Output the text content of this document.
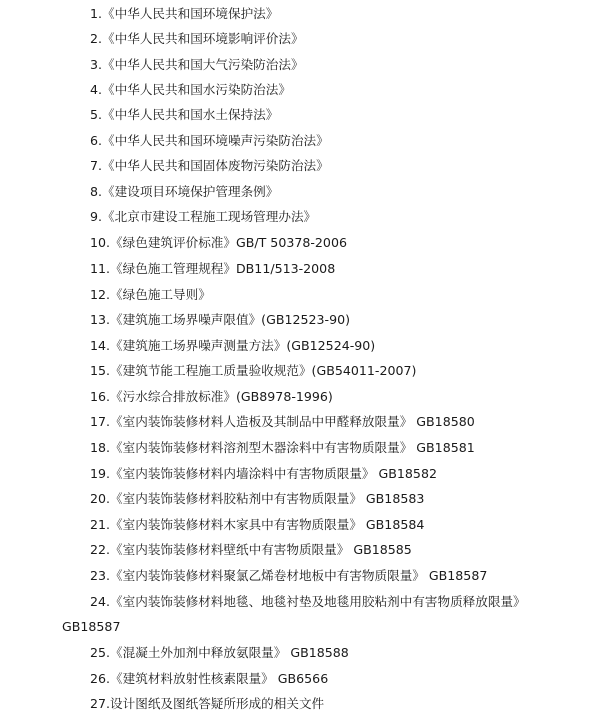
1.《中华人民共和国环境保护法》
2.《中华人民共和国环境影响评价法》
3.《中华人民共和国大气污染防治法》
4.《中华人民共和国水污染防治法》
5.《中华人民共和国水土保持法》
6.《中华人民共和国环境噪声污染防治法》
7.《中华人民共和国固体废物污染防治法》
8.《建设项目环境保护管理条例》
9.《北京市建设工程施工现场管理办法》
10.《绿色建筑评价标准》GB/T 50378-2006
11.《绿色施工管理规程》DB11/513-2008
12.《绿色施工导则》
13.《建筑施工场界噪声限值》(GB12523-90)
14.《建筑施工场界噪声测量方法》(GB12524-90)
15.《建筑节能工程施工质量验收规范》(GB54011-2007)
16.《污水综合排放标准》(GB8978-1996)
17.《室内装饰装修材料人造板及其制品中甲醛释放限量》 GB18580
18.《室内装饰装修材料溶剂型木器涂料中有害物质限量》 GB18581
19.《室内装饰装修材料内墙涂料中有害物质限量》 GB18582
20.《室内装饰装修材料胶粘剂中有害物质限量》 GB18583
21.《室内装饰装修材料木家具中有害物质限量》 GB18584
22.《室内装饰装修材料壁纸中有害物质限量》 GB18585
23.《室内装饰装修材料聚氯乙烯卷材地板中有害物质限量》 GB18587
24.《室内装饰装修材料地毯、地毯衬垫及地毯用胶粘剂中有害物质释放限量》
GB18587
25.《混凝土外加剂中释放氨限量》 GB18588
26.《建筑材料放射性核素限量》 GB6566
27.设计图纸及图纸答疑所形成的相关文件
